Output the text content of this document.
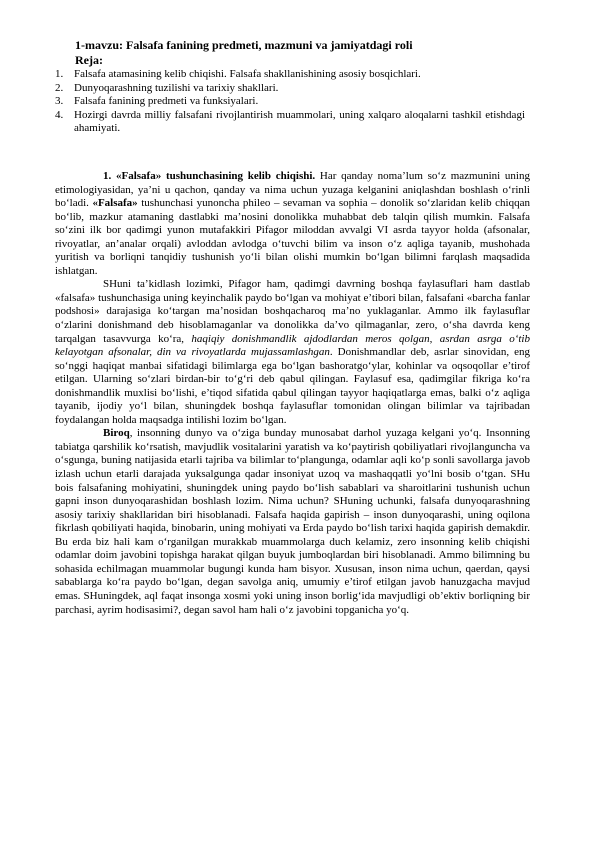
1-mavzu: Falsafa fanining predmeti, mazmuni va jamiyatdagi roli
Reja:
1. Falsafa atamasining kelib chiqishi. Falsafa shakllanishining asosiy bosqichlari.
2. Dunyoqarashning tuzilishi va tarixiy shakllari.
3. Falsafa fanining predmeti va funksiyalari.
4. Hozirgi davrda milliy falsafani rivojlantirish muammolari, uning xalqaro aloqalarni tashkil etishdagi ahamiyati.

1. «Falsafa» tushunchasining kelib chiqishi. Har qanday noma’lum so‘z mazmunini uning etimologiyasidan, ya’ni u qachon, qanday va nima uchun yuzaga kelganini aniqlashdan boshlash o‘rinli bo‘ladi. «Falsafa» tushunchasi yunoncha phileo – sevaman va sophia – donolik so‘zlaridan kelib chiqqan bo‘lib, mazkur atamaning dastlabki ma’nosini donolikka muhabbat deb talqin qilish mumkin. Falsafa so‘zini ilk bor qadimgi yunon mutafakkiri Pifagor miloddan avvalgi VI asrda tayyor holda (afsonalar, rivoyatlar, an’analar orqali) avloddan avlodga o‘tuvchi bilim va inson o‘z aqliga tayanib, mushohada yuritish va borliqni tanqidiy tushunish yo‘li bilan olishi mumkin bo‘lgan bilimni farqlash maqsadida ishlatgan.

SHuni ta’kidlash lozimki, Pifagor ham, qadimgi davrning boshqa faylasuflari ham dastlab «falsafa» tushunchasiga uning keyinchalik paydo bo‘lgan va mohiyat e’tibori bilan, falsafani «barcha fanlar podshosi» darajasiga ko‘targan ma’nosidan boshqacharoq ma’no yuklaganlar. Ammo ilk faylasuflar o‘zlarini donishmand deb hisoblamaganlar va donolikka da’vo qilmaganlar, zero, o‘sha davrda keng tarqalgan tasavvurga ko‘ra, haqiqiy donishmandlik ajdodlardan meros qolgan, asrdan asrga o‘tib kelayotgan afsonalar, din va rivoyatlarda mujassamlashgan. Donishmandlar deb, asrlar sinovidan, eng so‘nggi haqiqat manbai sifatidagi bilimlarga ega bo‘lgan bashoratgo‘ylar, kohinlar va oqsoqollar e’tirof etilgan. Ularning so‘zlari birdan-bir to‘g‘ri deb qabul qilingan. Faylasuf esa, qadimgilar fikriga ko‘ra donishmandlik muxlisi bo‘lishi, e’tiqod sifatida qabul qilingan tayyor haqiqatlarga emas, balki o‘z aqliga tayanib, ijodiy yo‘l bilan, shuningdek boshqa faylasuflar tomonidan olingan bilimlar va tajribadan foydalangan holda maqsadga intilishi lozim bo‘lgan.

Biroq, insonning dunyo va o‘ziga bunday munosabat darhol yuzaga kelgani yo‘q. Insonning tabiatga qarshilik ko‘rsatish, mavjudlik vositalarini yaratish va ko‘paytirish qobiliyatlari rivojlanguncha va o‘sgunga, buning natijasida etarli tajriba va bilimlar to‘plangunga, odamlar aqli ko‘p sonli savollarga javob izlash uchun etarli darajada yuksalgunga qadar insoniyat uzoq va mashaqqatli yo‘lni bosib o‘tgan. SHu bois falsafaning mohiyatini, shuningdek uning paydo bo‘lish sabablari va sharoitlarini tushunish uchun gapni inson dunyoqarashidan boshlash lozim. Nima uchun? SHuning uchunki, falsafa dunyoqarashning asosiy tarixiy shakllaridan biri hisoblanadi. Falsafa haqida gapirish – inson dunyoqarashi, uning oqilona fikrlash qobiliyati haqida, binobarin, uning mohiyati va Erda paydo bo‘lish tarixi haqida gapirish demakdir. Bu erda biz hali kam o‘rganilgan murakkab muammolarga duch kelamiz, zero insonning kelib chiqishi odamlar doim javobini topishga harakat qilgan buyuk jumboqlardan biri hisoblanadi. Ammo bilimning bu sohasida echilmagan muammolar bugungi kunda ham bisyor. Xususan, inson nima uchun, qaerdan, qaysi sabablarga ko‘ra paydo bo‘lgan, degan savolga aniq, umumiy e’tirof etilgan javob hanuzgacha mavjud emas. SHuningdek, aql faqat insonga xosmi yoki uning inson borlig‘ida mavjudligi ob’ektiv borliqning bir parchasi, ayrim hodisasimi?, degan savol ham hali o‘z javobini topganicha yo‘q.
